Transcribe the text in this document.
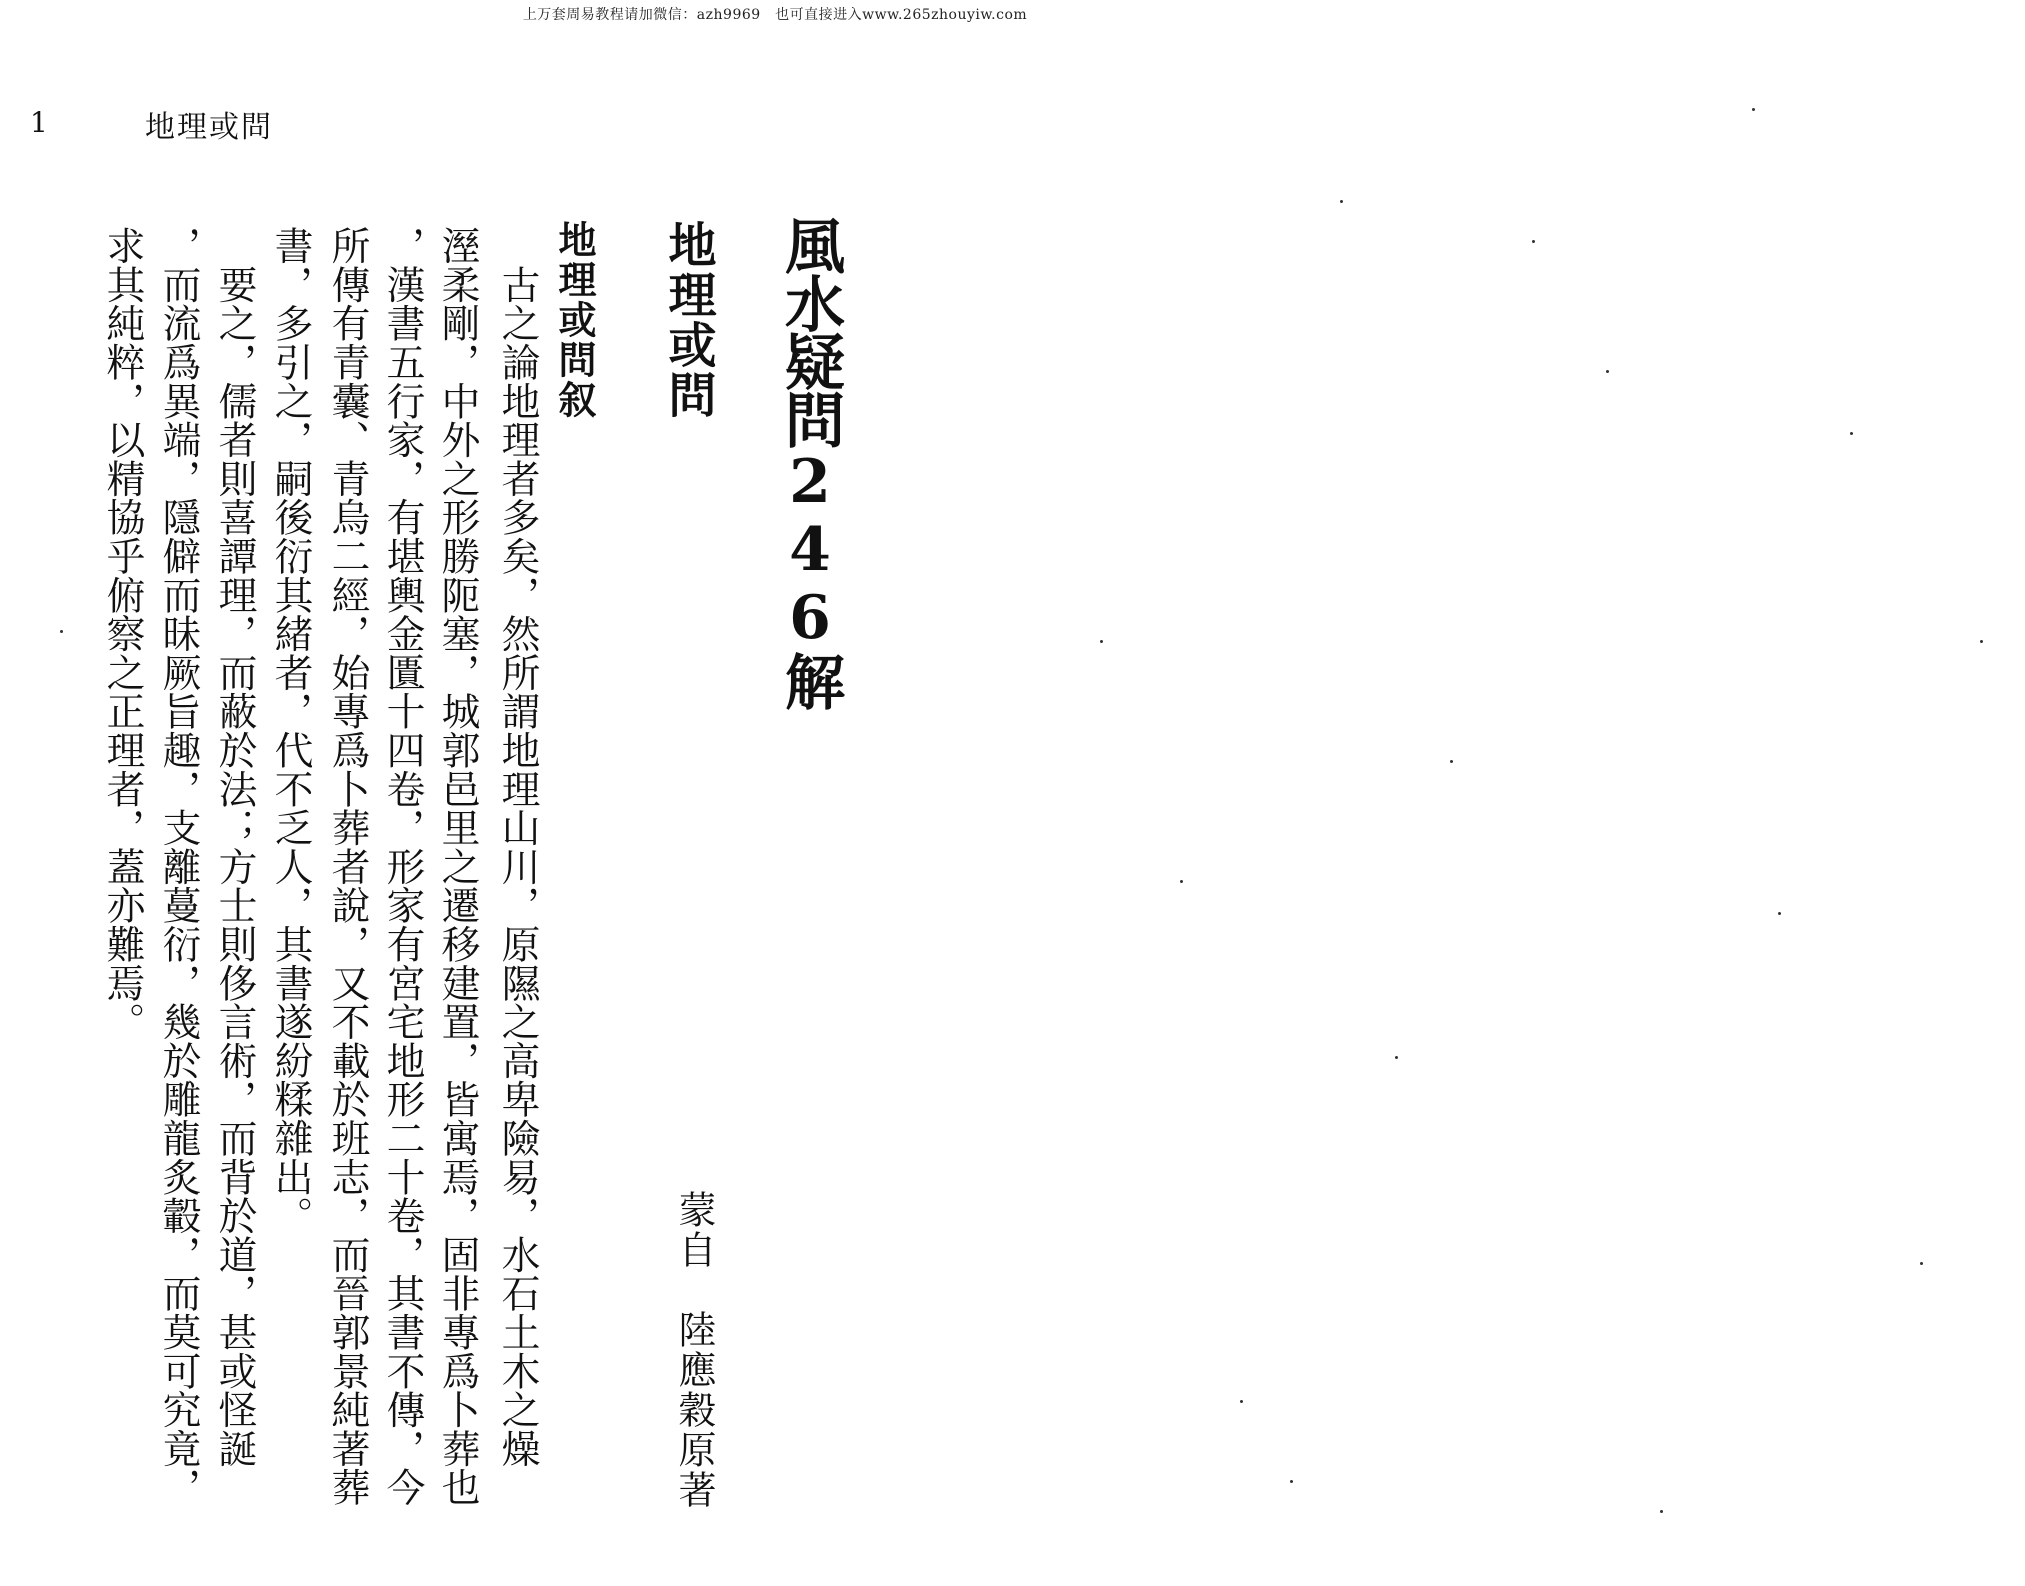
上万套周易教程请加微信：azh9969　也可直接进入www.265zhouyiw.com
1	地理或問
風水疑問246解
地理或問
蒙自　陸應穀原著
地理或問叙
　古之論地理者多矣，然所謂地理山川，原隰之高卑險易，水石土木之燥
溼柔剛，中外之形勝阨塞，城郭邑里之遷移建置，皆寓焉，固非專爲卜葬也
，漢書五行家，有堪輿金匱十四卷，形家有宮宅地形二十卷，其書不傳，今
所傳有青囊、青烏二經，始專爲卜葬者說，又不載於班志，而晉郭景純著葬
書，多引之，嗣後衍其緒者，代不乏人，其書遂紛糅雜出。
　要之，儒者則喜譚理，而蔽於法；方士則侈言術，而背於道，甚或怪誕
，而流爲異端，隱僻而昧厥旨趣，支離蔓衍，幾於雕龍炙轂，而莫可究竟，
求其純粹，以精協乎俯察之正理者，蓋亦難焉。
